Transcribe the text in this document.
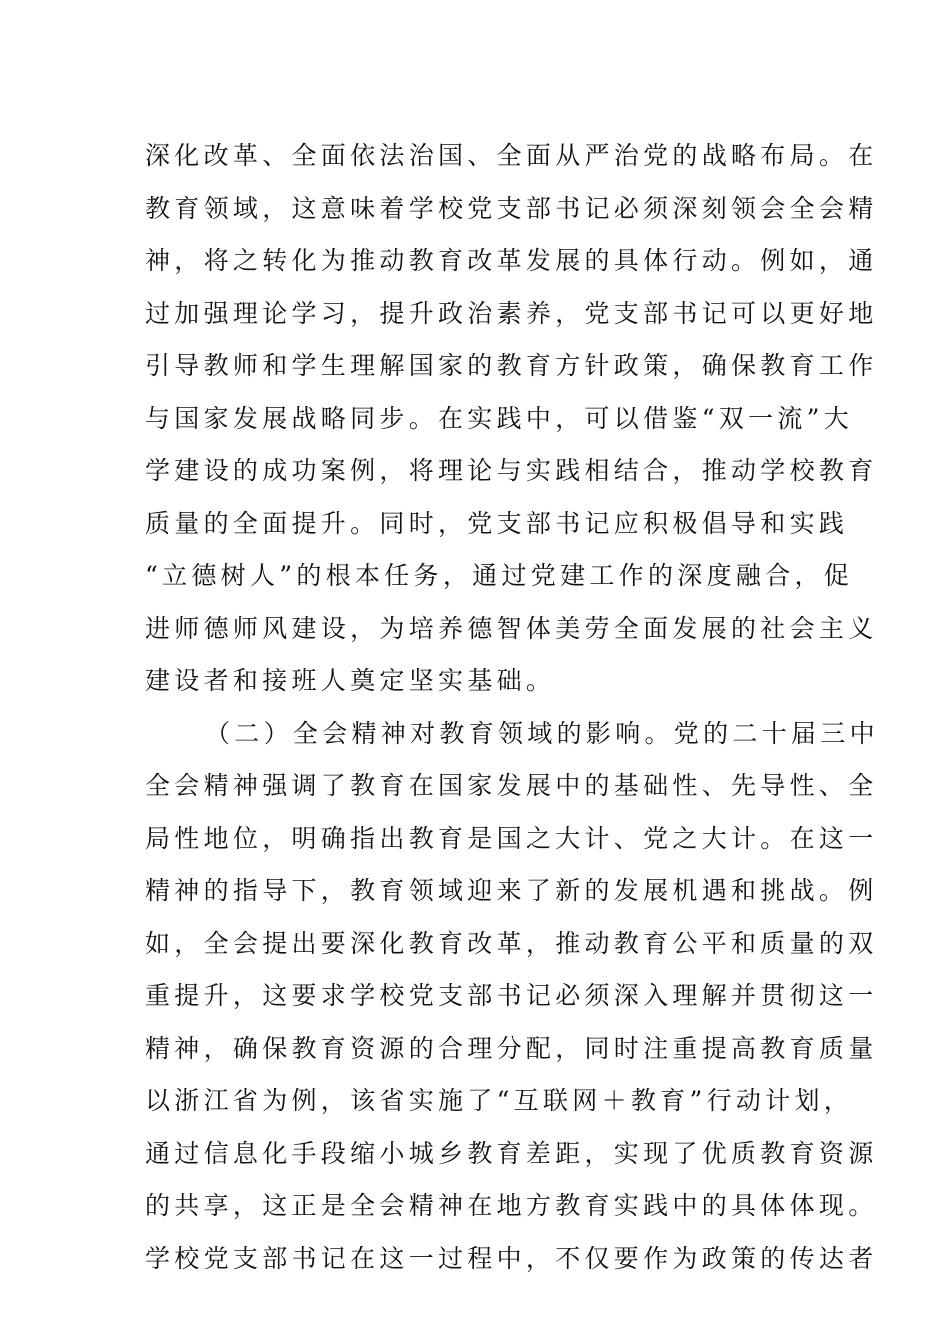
深化改革、全面依法治国、全面从严治党的战略布局。在
教育领域，这意味着学校党支部书记必须深刻领会全会精
神，将之转化为推动教育改革发展的具体行动。例如，通
过加强理论学习，提升政治素养，党支部书记可以更好地
引导教师和学生理解国家的教育方针政策，确保教育工作
与国家发展战略同步。在实践中，可以借鉴“双一流”大
学建设的成功案例，将理论与实践相结合，推动学校教育
质量的全面提升。同时，党支部书记应积极倡导和实践
“立德树人”的根本任务，通过党建工作的深度融合，促
进师德师风建设，为培养德智体美劳全面发展的社会主义
建设者和接班人奠定坚实基础。
（二）全会精神对教育领域的影响。党的二十届三中
全会精神强调了教育在国家发展中的基础性、先导性、全
局性地位，明确指出教育是国之大计、党之大计。在这一
精神的指导下，教育领域迎来了新的发展机遇和挑战。例
如，全会提出要深化教育改革，推动教育公平和质量的双
重提升，这要求学校党支部书记必须深入理解并贯彻这一
精神，确保教育资源的合理分配，同时注重提高教育质量
以浙江省为例，该省实施了“互联网＋教育”行动计划，
通过信息化手段缩小城乡教育差距，实现了优质教育资源
的共享，这正是全会精神在地方教育实践中的具体体现。
学校党支部书记在这一过程中，不仅要作为政策的传达者
